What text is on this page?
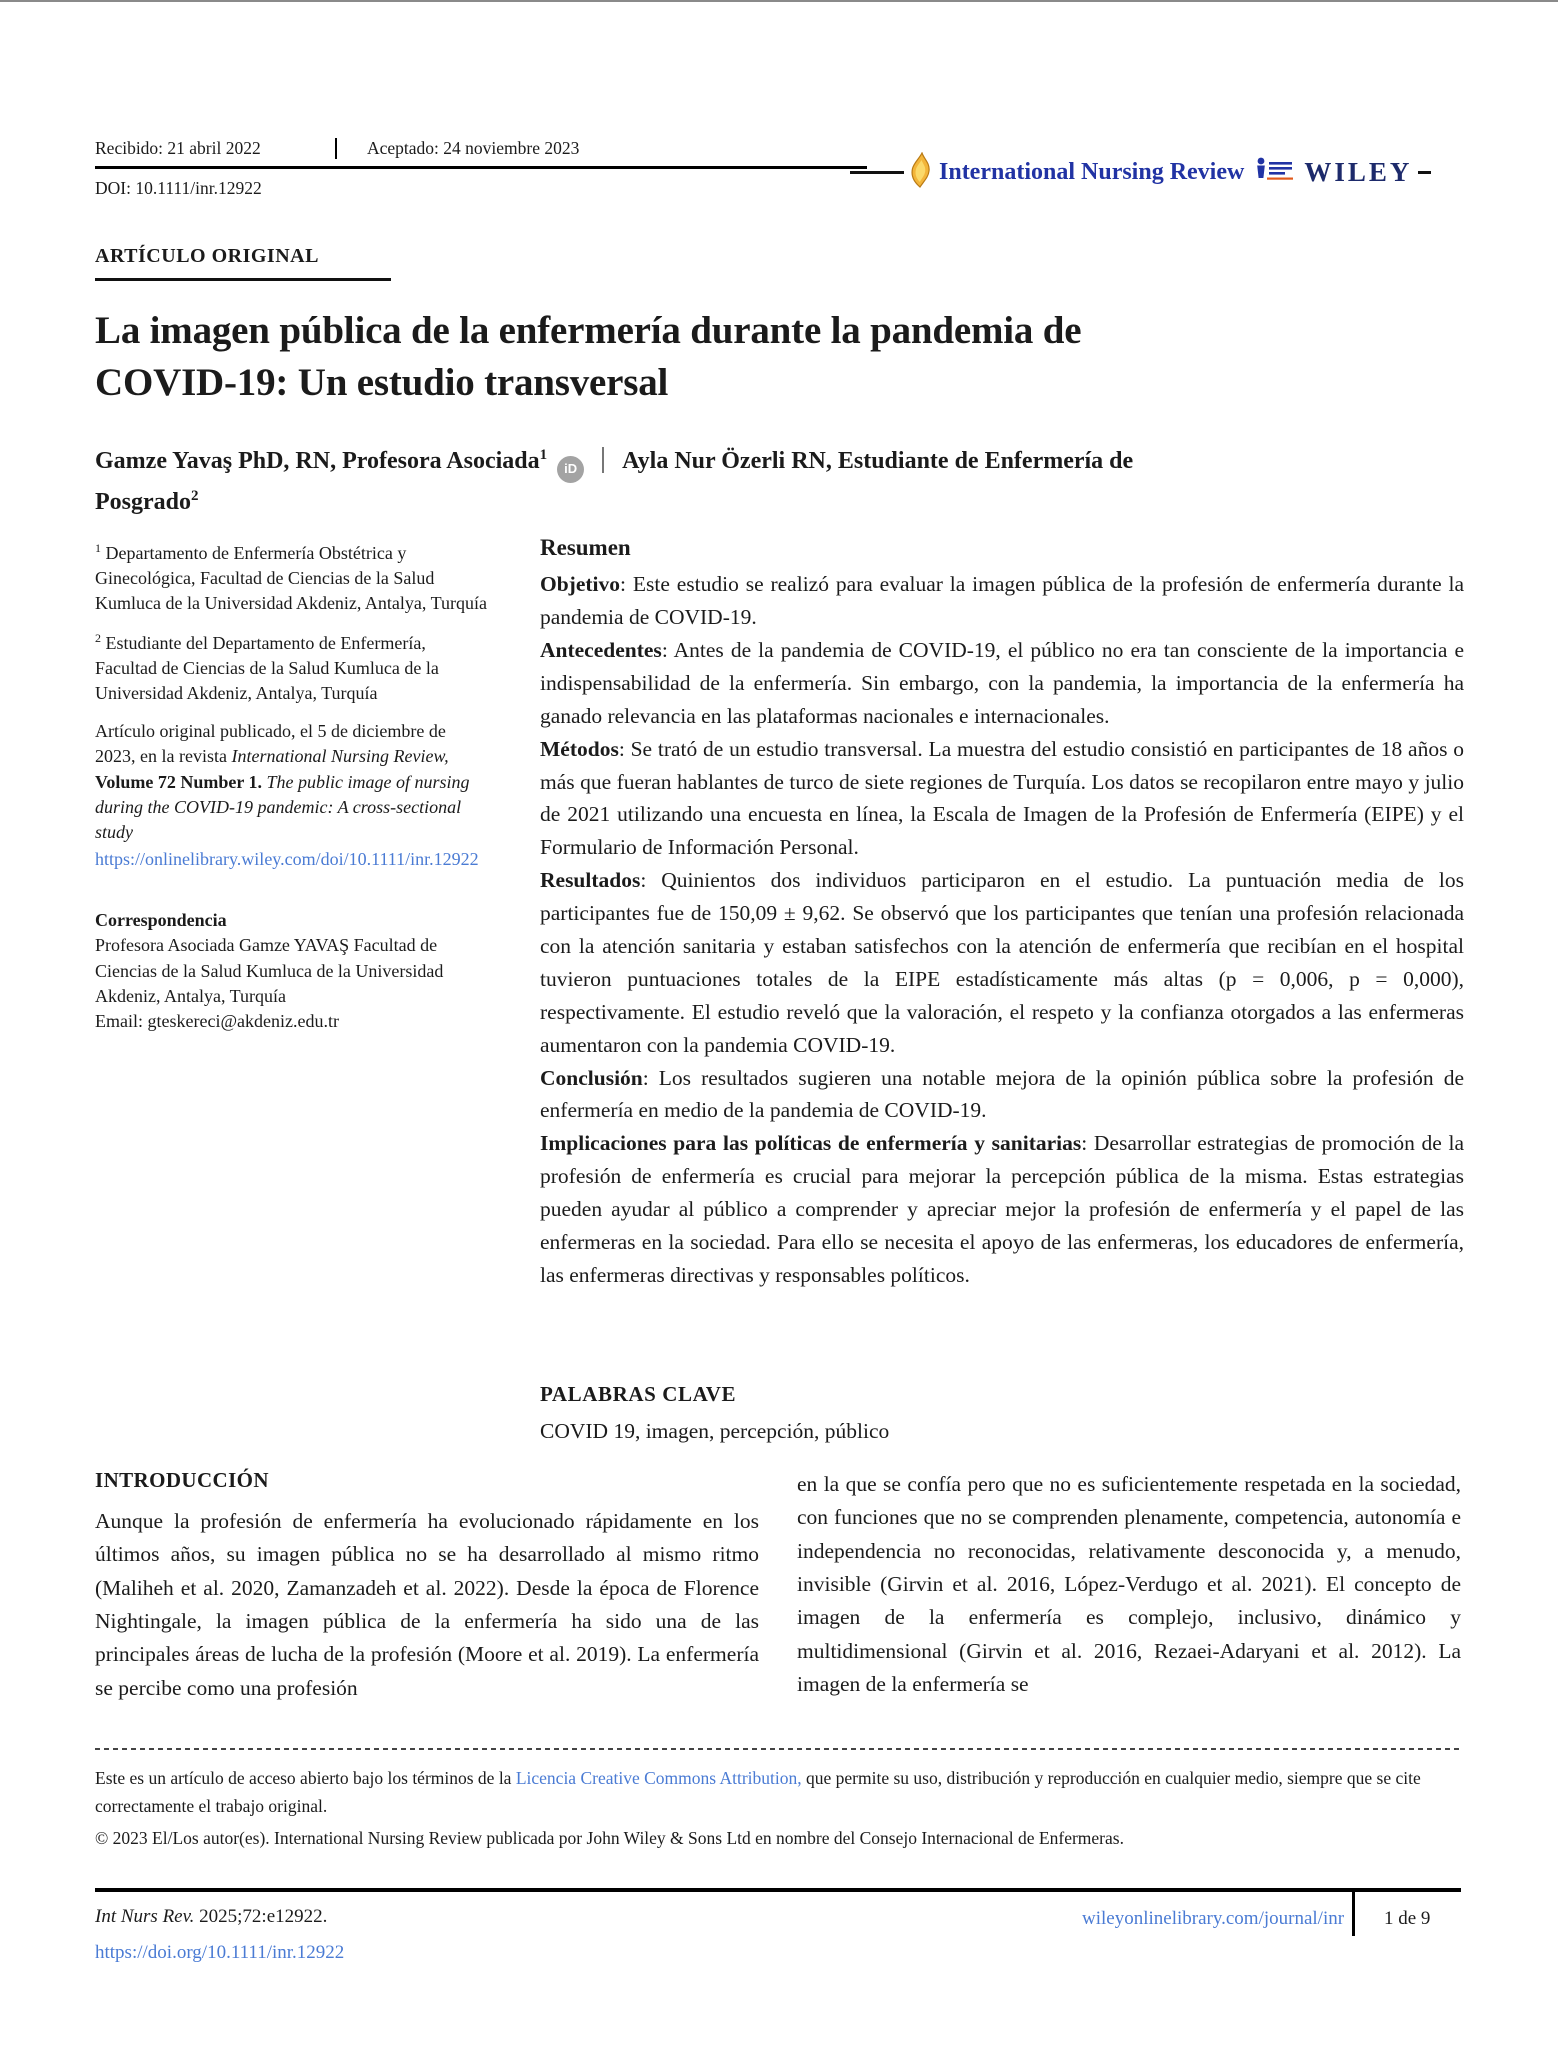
Recibido: 21 abril 2022	Aceptado: 24 noviembre 2023
DOI: 10.1111/inr.12922
International Nursing Review WILEY
ARTÍCULO ORIGINAL
La imagen pública de la enfermería durante la pandemia de COVID-19: Un estudio transversal
Gamze Yavaş PhD, RN, Profesora Asociada$^1$
iD Ayla Nur Özerli RN, Estudiante de Enfermería de Posgrado$^2$

$^1$ Departamento de Enfermería Obstétrica y Ginecológica, Facultad de Ciencias de la Salud Kumluca de la Universidad Akdeniz, Antalya, Turquía

$^2$ Estudiante del Departamento de Enfermería, Facultad de Ciencias de la Salud Kumluca de la Universidad Akdeniz, Antalya, Turquía

Artículo original publicado, el 5 de diciembre de 2023, en la revista International Nursing Review, Volume 72 Number 1. The public image of nursing during the COVID-19 pandemic: A cross-sectional study

https://onlinelibrary.wiley.com/doi/10.1111/inr.12922

Correspondencia

Profesora Asociada Gamze YAVAŞ Facultad de Ciencias de la Salud Kumluca de la Universidad Akdeniz, Antalya, Turquía

Email: gteskereci@akdeniz.edu.tr

Resumen

Objetivo: Este estudio se realizó para evaluar la imagen pública de la profesión de enfermería durante la pandemia de COVID-19.

Antecedentes: Antes de la pandemia de COVID-19, el público no era tan consciente de la importancia e indispensabilidad de la enfermería. Sin embargo, con la pandemia, la importancia de la enfermería ha ganado relevancia en las plataformas nacionales e internacionales.

Métodos: Se trató de un estudio transversal. La muestra del estudio consistió en participantes de 18 años o más que fueran hablantes de turco de siete regiones de Turquía. Los datos se recopilaron entre mayo y julio de 2021 utilizando una encuesta en línea, la Escala de Imagen de la Profesión de Enfermería (EIPE) y el Formulario de Información Personal.

Resultados: Quinientos dos individuos participaron en el estudio. La puntuación media de los participantes fue de 150,09 ± 9,62. Se observó que los participantes que tenían una profesión relacionada con la atención sanitaria y estaban satisfechos con la atención de enfermería que recibían en el hospital tuvieron puntuaciones totales de la EIPE estadísticamente más altas (p = 0,006, p = 0,000), respectivamente. El estudio reveló que la valoración, el respeto y la confianza otorgados a las enfermeras aumentaron con la pandemia COVID-19.

Conclusión: Los resultados sugieren una notable mejora de la opinión pública sobre la profesión de enfermería en medio de la pandemia de COVID-19.

Implicaciones para las políticas de enfermería y sanitarias: Desarrollar estrategias de promoción de la profesión de enfermería es crucial para mejorar la percepción pública de la misma. Estas estrategias pueden ayudar al público a comprender y apreciar mejor la profesión de enfermería y el papel de las enfermeras en la sociedad. Para ello se necesita el apoyo de las enfermeras, los educadores de enfermería, las enfermeras directivas y responsables políticos.

PALABRAS CLAVE
COVID 19, imagen, percepción, público
INTRODUCCIÓN
Aunque la profesión de enfermería ha evolucionado rápidamente en los últimos años, su imagen pública no se ha desarrollado al mismo ritmo (Maliheh et al. 2020, Zamanzadeh et al. 2022). Desde la época de Florence Nightingale, la imagen pública de la enfermería ha sido una de las principales áreas de lucha de la profesión (Moore et al. 2019). La enfermería se percibe como una profesión
en la que se confía pero que no es suficientemente respetada en la sociedad, con funciones que no se comprenden plenamente, competencia, autonomía e independencia no reconocidas, relativamente desconocida y, a menudo, invisible (Girvin et al. 2016, López-Verdugo et al. 2021). El concepto de imagen de la enfermería es complejo, inclusivo, dinámico y multidimensional (Girvin et al. 2016, Rezaei-Adaryani et al. 2012). La imagen de la enfermería se
Este es un artículo de acceso abierto bajo los términos de la Licencia Creative Commons Attribution, que permite su uso, distribución y reproducción en cualquier medio, siempre que se cite correctamente el trabajo original.
© 2023 El/Los autor(es). International Nursing Review publicada por John Wiley & Sons Ltd en nombre del Consejo Internacional de Enfermeras.
Int Nurs Rev. 2025;72:e12922.
https://doi.org/10.1111/inr.12922
wileyonlinelibrary.com/journal/inr 1 de 9
